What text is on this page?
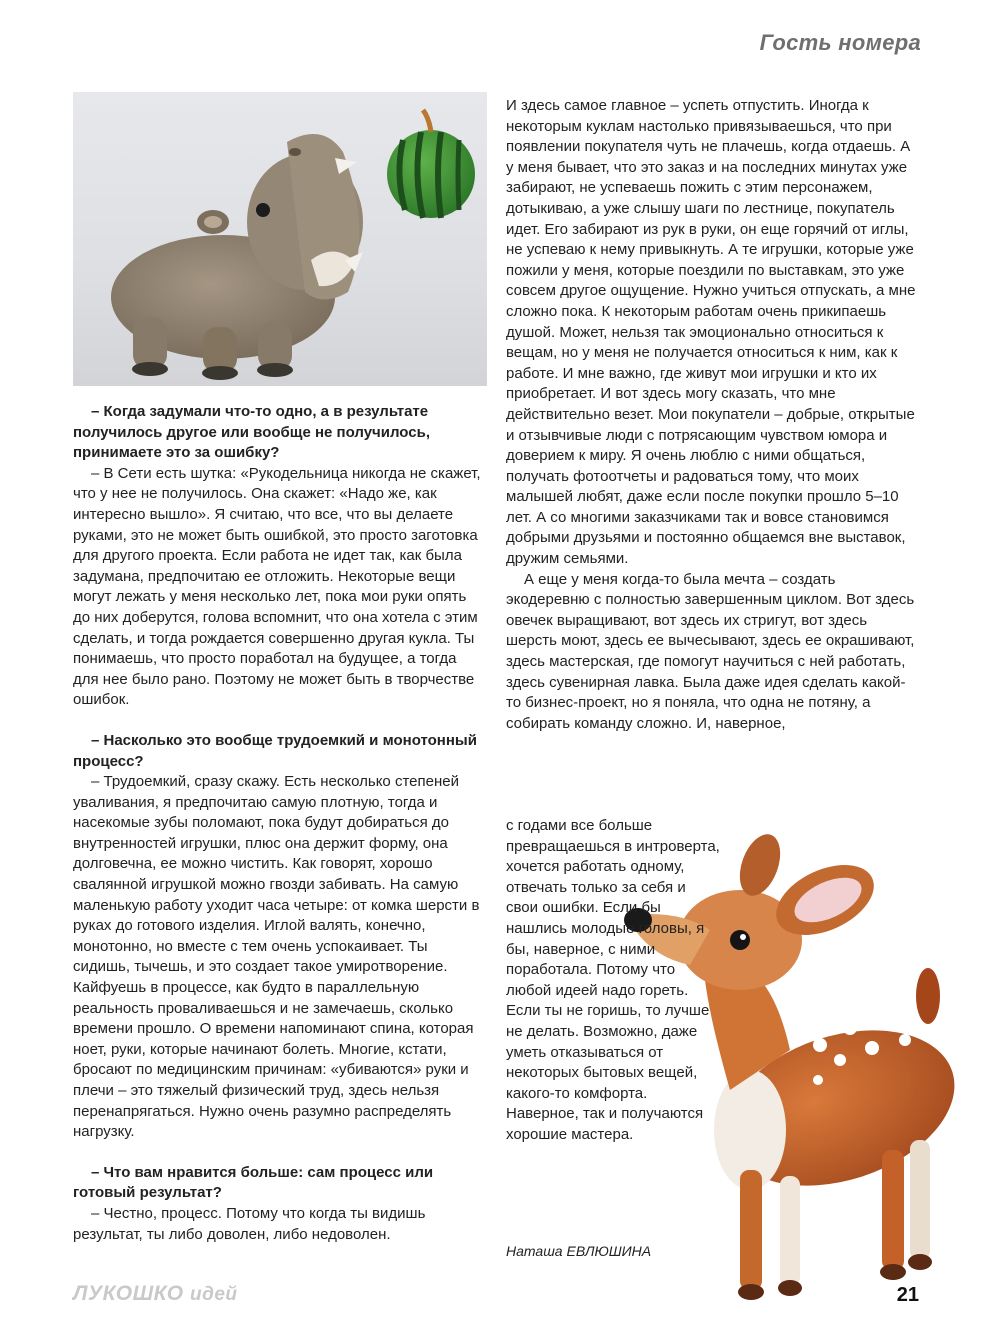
Гость номера

– Когда задумали что-то одно, а в результате получилось другое или вообще не получилось, принимаете это за ошибку?

– В Сети есть шутка: «Рукодельница никогда не скажет, что у нее не получилось. Она скажет: «Надо же, как интересно вышло». Я считаю, что все, что вы делаете руками, это не может быть ошибкой, это просто заготовка для другого проекта. Если работа не идет так, как была задумана, предпочитаю ее отложить. Некоторые вещи могут лежать у меня несколько лет, пока мои руки опять до них доберутся, голова вспомнит, что она хотела с этим сделать, и тогда рождается совершенно другая кукла. Ты понимаешь, что просто поработал на будущее, а тогда для нее было рано. Поэтому не может быть в творчестве ошибок.

– Насколько это вообще трудоемкий и монотонный процесс?

– Трудоемкий, сразу скажу. Есть несколько степеней уваливания, я предпочитаю самую плотную, тогда и насекомые зубы поломают, пока будут добираться до внутренностей игрушки, плюс она держит форму, она долговечна, ее можно чистить. Как говорят, хорошо свалянной игрушкой можно гвозди забивать. На самую маленькую работу уходит часа четыре: от комка шерсти в руках до готового изделия. Иглой валять, конечно, монотонно, но вместе с тем очень успокаивает. Ты сидишь, тычешь, и это создает такое умиротворение. Кайфуешь в процессе, как будто в параллельную реальность проваливаешься и не замечаешь, сколько времени прошло. О времени напоминают спина, которая ноет, руки, которые начинают болеть. Многие, кстати, бросают по медицинским причинам: «убиваются» руки и плечи – это тяжелый физический труд, здесь нельзя перенапрягаться. Нужно очень разумно распределять нагрузку.

– Что вам нравится больше: сам процесс или готовый результат?

– Честно, процесс. Потому что когда ты видишь результат, ты либо доволен, либо недоволен.

И здесь самое главное – успеть отпустить. Иногда к некоторым куклам настолько привязываешься, что при появлении покупателя чуть не плачешь, когда отдаешь. А у меня бывает, что это заказ и на последних минутах уже забирают, не успеваешь пожить с этим персонажем, дотыкиваю, а уже слышу шаги по лестнице, покупатель идет. Его забирают из рук в руки, он еще горячий от иглы, не успеваю к нему привыкнуть. А те игрушки, которые уже пожили у меня, которые поездили по выставкам, это уже совсем другое ощущение. Нужно учиться отпускать, а мне сложно пока. К некоторым работам очень прикипаешь душой. Может, нельзя так эмоционально относиться к вещам, но у меня не получается относиться к ним, как к работе. И мне важно, где живут мои игрушки и кто их приобретает. И вот здесь могу сказать, что мне действительно везет. Мои покупатели – добрые, открытые и отзывчивые люди с потрясающим чувством юмора и доверием к миру. Я очень люблю с ними общаться, получать фотоотчеты и радоваться тому, что моих малышей любят, даже если после покупки прошло 5–10 лет. А со многими заказчиками так и вовсе становимся добрыми друзьями и постоянно общаемся вне выставок, дружим семьями.

А еще у меня когда-то была мечта – создать экодеревню с полностью завершенным циклом. Вот здесь овечек выращивают, вот здесь их стригут, вот здесь шерсть моют, здесь ее вычесывают, здесь ее окрашивают, здесь мастерская, где помогут научиться с ней работать, здесь сувенирная лавка. Была даже идея сделать какой-то бизнес-проект, но я поняла, что одна не потяну, а собирать команду сложно. И, наверное,

с годами все больше превращаешься в интроверта, хочется работать одному, отвечать только за себя и свои ошибки. Если бы нашлись молодые головы, я бы, наверное, с ними поработала. Потому что любой идеей надо гореть. Если ты не горишь, то лучше не делать. Возможно, даже уметь отказываться от некоторых бытовых вещей, какого-то комфорта. Наверное, так и получаются хорошие мастера.

Наташа ЕВЛЮШИНА
ЛУКОШКО идей	21
